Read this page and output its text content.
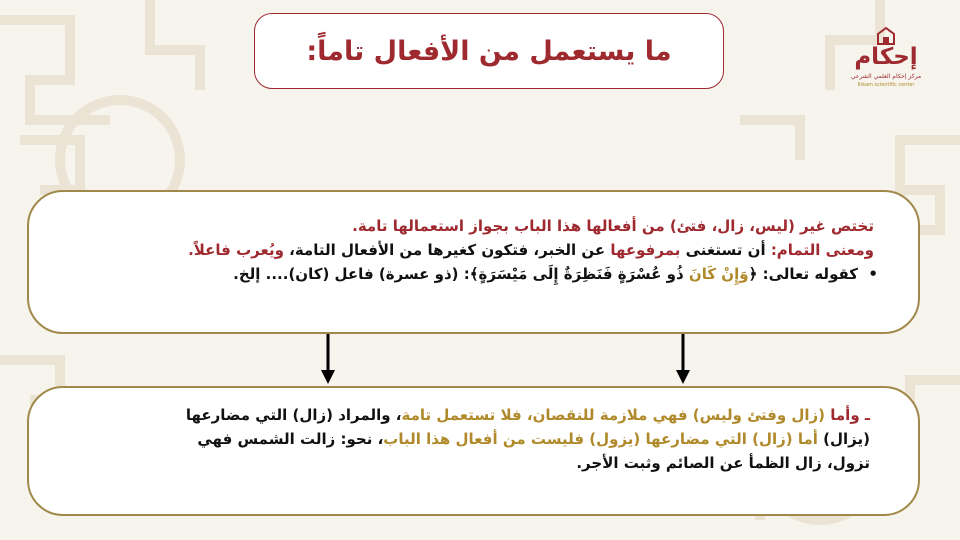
ما يستعمل من الأفعال تاماً:	إحكام
مركز إحكام العلمي الشرعي
Ihkam scientific center
تختص غير (ليس، زال، فتئ) من أفعالها هذا الباب بجواز استعمالها تامة.
ومعنى التمام: أن تستغنى بمرفوعها عن الخبر، فتكون كغيرها من الأفعال التامة، ويُعرب فاعلاً.
•
كقوله تعالى: ﴿وَإِنْ كَانَ ذُو عُسْرَةٍ فَنَظِرَةٌ إِلَى مَيْسَرَةٍ﴾: (ذو عسرة) فاعل (كان).... إلخ.
ـ وأما (زال وفتئ وليس) فهي ملازمة للنقصان، فلا تستعمل تامة، والمراد (زال) التي مضارعها
(يزال) أما (زال) التي مضارعها (يزول) فليست من أفعال هذا الباب، نحو: زالت الشمس فهي
تزول، زال الظمأ عن الصائم وثبت الأجر.
